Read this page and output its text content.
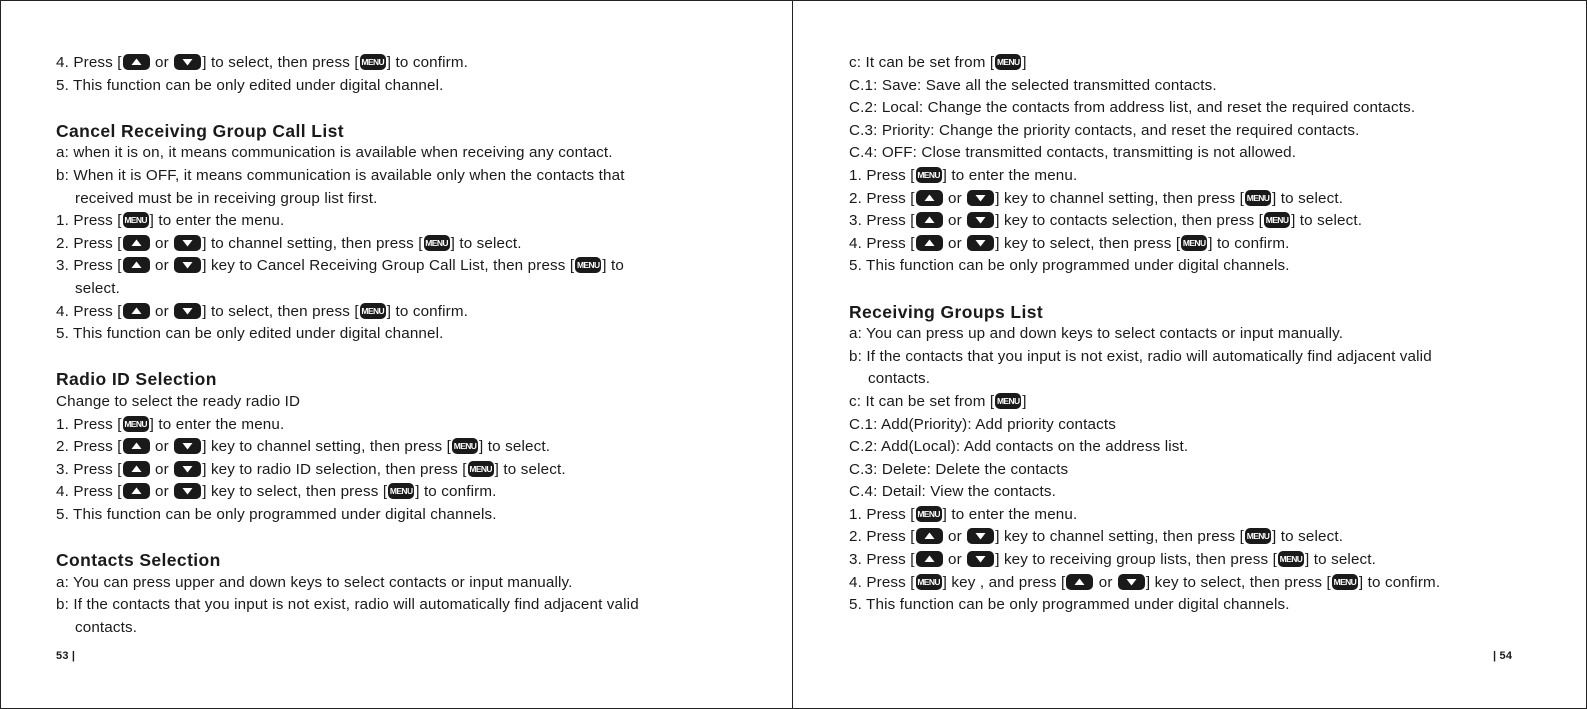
4. Press [
or
] to select, then press [ MENU ] to confirm.
5. This function can be only edited under digital channel.
Cancel Receiving Group Call List
a: when it is on, it means communication is available when receiving any contact.
b: When it is OFF, it means communication is available only when the contacts that
received must be in receiving group list first.
1. Press [ MENU ] to enter the menu.
2. Press [
or
] to channel setting, then press [ MENU ] to select.
3. Press [
or
] key to Cancel Receiving Group Call List, then press [ MENU ] to
select.
4. Press [
or
] to select, then press [ MENU ] to confirm.
5. This function can be only edited under digital channel.
Radio ID Selection
Change to select the ready radio ID
1. Press [ MENU ] to enter the menu.
2. Press [
or
] key to channel setting, then press [ MENU ] to select.
3. Press [
or
] key to radio ID selection, then press [ MENU ] to select.
4. Press [
or
] key to select, then press [ MENU ] to confirm.
5. This function can be only programmed under digital channels.
Contacts Selection
a: You can press upper and down keys to select contacts or input manually.
b: If the contacts that you input is not exist, radio will automatically find adjacent valid
contacts.
c: It can be set from [ MENU ]
C.1: Save: Save all the selected transmitted contacts.
C.2: Local: Change the contacts from address list, and reset the required contacts.
C.3: Priority: Change the priority contacts, and reset the required contacts.
C.4: OFF: Close transmitted contacts, transmitting is not allowed.
1. Press [ MENU ] to enter the menu.
2. Press [
or
] key to channel setting, then press [ MENU ] to select.
3. Press [
or
] key to contacts selection, then press [ MENU ] to select.
4. Press [
or
] key to select, then press [ MENU ] to confirm.
5. This function can be only programmed under digital channels.
Receiving Groups List
a: You can press up and down keys to select contacts or input manually.
b: If the contacts that you input is not exist, radio will automatically find adjacent valid
contacts.
c: It can be set from [ MENU ]
C.1: Add(Priority): Add priority contacts
C.2: Add(Local): Add contacts on the address list.
C.3: Delete: Delete the contacts
C.4: Detail: View the contacts.
1. Press [ MENU ] to enter the menu.
2. Press [
or
] key to channel setting, then press [ MENU ] to select.
3. Press [
or
] key to receiving group lists, then press [ MENU ] to select.
4. Press [ MENU ] key , and press [
or
] key to select, then press [ MENU ] to confirm.
5. This function can be only programmed under digital channels.
53 |	| 54
